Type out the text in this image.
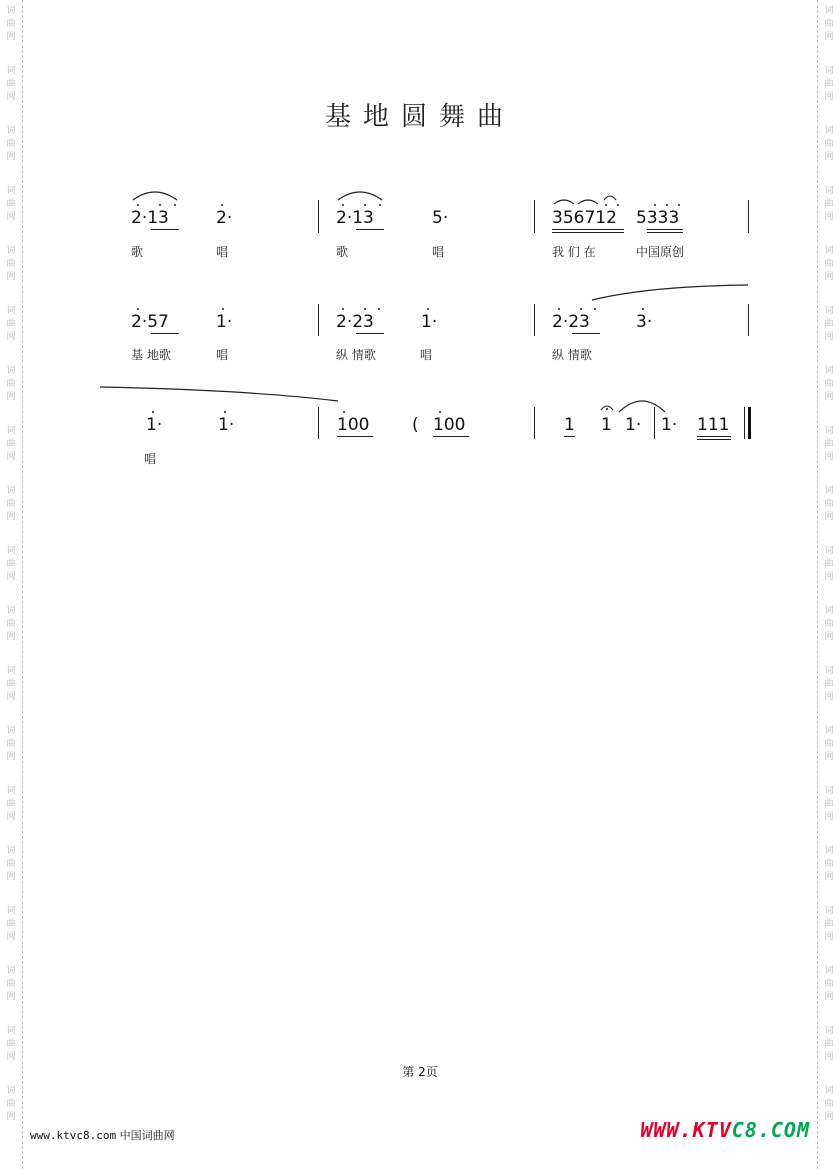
词
曲
网
词
曲
网
词
曲
网
词
曲
网
词
曲
网
词
曲
网
词
曲
网
词
曲
网
词
曲
网
词
曲
网
词
曲
网
词
曲
网
词
曲
网
词
曲
网
词
曲
网
词
曲
网
词
曲
网
词
曲
网
词
曲
网
词
曲
网
词
曲
网
词
曲
网
词
曲
网
词
曲
网
词
曲
网
词
曲
网
词
曲
网
词
曲
网
词
曲
网
词
曲
网
词
曲
网
词
曲
网
词
曲
网
词
曲
网
词
曲
网
词
曲
网
词
曲
网
词
曲
网
基地圆舞曲
2·13	2·	2·13	5·	356712 5333
歌	唱	歌	唱	我 们 在	中国原创
2·57	1·	2·23	1·	2·23	3·
基 地歌	唱	纵 情歌	唱	纵 情歌
1·	1·	100	( 100	1 1 1· 1· 111
唱
第 2页
www.ktvc8.com 中国词曲网	WWW.KTVC8.COM
